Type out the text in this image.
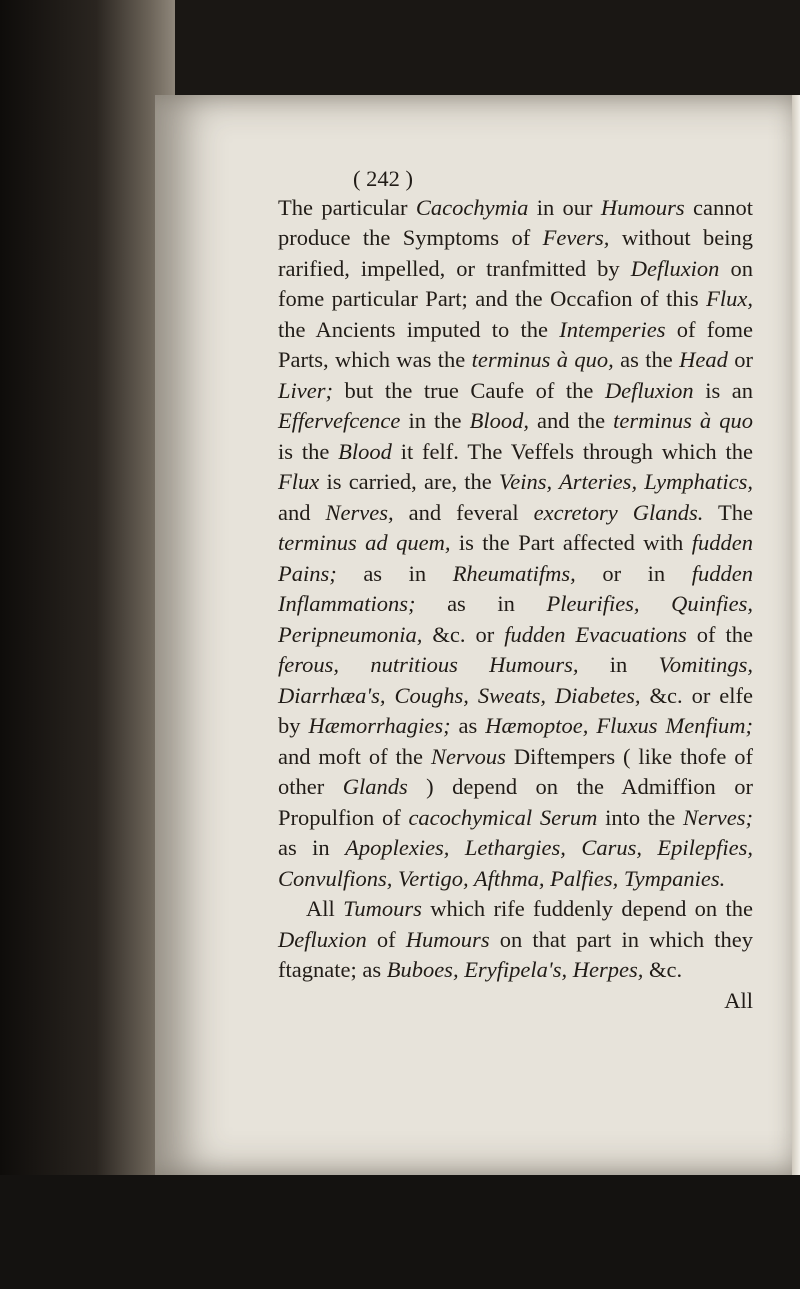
( 242 )

The particular Cacochymia in our Humours cannot produce the Symptoms of Fevers, without being rarified, impelled, or tranfmitted by Defluxion on fome particular Part; and the Occafion of this Flux, the Ancients imputed to the Intemperies of fome Parts, which was the terminus à quo, as the Head or Liver; but the true Caufe of the Defluxion is an Effervefcence in the Blood, and the terminus à quo is the Blood it felf. The Veffels through which the Flux is carried, are, the Veins, Arteries, Lymphatics, and Nerves, and feveral excretory Glands. The terminus ad quem, is the Part affected with fudden Pains; as in Rheumatifms, or in fudden Inflammations; as in Pleurifies, Quinfies, Peripneumonia, &c. or fudden Evacuations of the ferous, nutritious Humours, in Vomitings, Diarrhæa's, Coughs, Sweats, Diabetes, &c. or elfe by Hæmorrhagies; as Hæmoptoe, Fluxus Menfium; and moft of the Nervous Diftempers ( like thofe of other Glands ) depend on the Admiffion or Propulfion of cacochymical Serum into the Nerves; as in Apoplexies, Lethargies, Carus, Epilepfies, Convulfions, Vertigo, Afthma, Palfies, Tympanies.

All Tumours which rife fuddenly depend on the Defluxion of Humours on that part in which they ftagnate; as Buboes, Eryfipela's, Herpes, &c.

All
